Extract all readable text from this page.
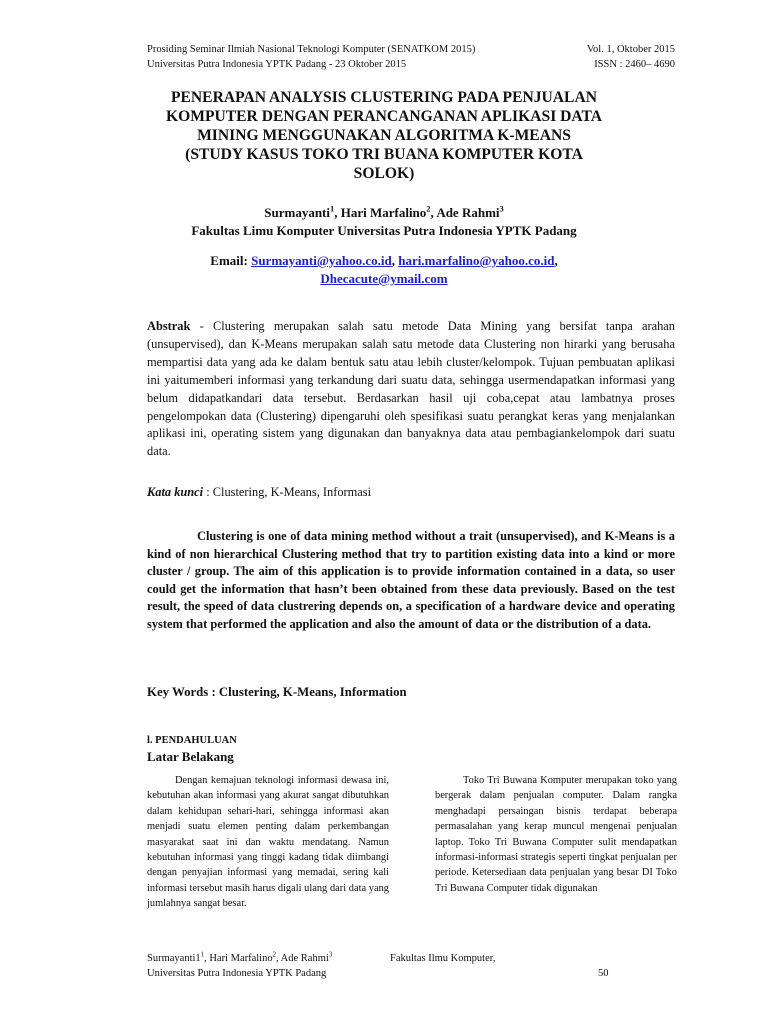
Prosiding Seminar Ilmiah Nasional Teknologi Komputer (SENATKOM 2015)
Universitas Putra Indonesia YPTK Padang - 23 Oktober 2015
Vol. 1, Oktober 2015
ISSN : 2460– 4690
PENERAPAN ANALYSIS CLUSTERING PADA PENJUALAN
KOMPUTER DENGAN PERANCANGANAN APLIKASI DATA
MINING MENGGUNAKAN ALGORITMA K-MEANS
(STUDY KASUS TOKO TRI BUANA KOMPUTER KOTA
SOLOK)
Surmayanti$^1$, Hari Marfalino$^2$, Ade Rahmi$^3$
Fakultas Limu Komputer Universitas Putra Indonesia YPTK Padang
Email: Surmayanti@yahoo.co.id, hari.marfalino@yahoo.co.id,
Dhecacute@ymail.com
Abstrak - Clustering merupakan salah satu metode Data Mining yang bersifat tanpa arahan (unsupervised), dan K-Means merupakan salah satu metode data Clustering non hirarki yang berusaha mempartisi data yang ada ke dalam bentuk satu atau lebih cluster/kelompok. Tujuan pembuatan aplikasi ini yaitumemberi informasi yang terkandung dari suatu data, sehingga usermendapatkan informasi yang belum didapatkandari data tersebut. Berdasarkan hasil uji coba,cepat atau lambatnya proses pengelompokan data (Clustering) dipengaruhi oleh spesifikasi suatu perangkat keras yang menjalankan aplikasi ini, operating sistem yang digunakan dan banyaknya data atau pembagiankelompok dari suatu data.
Kata kunci : Clustering, K-Means, Informasi
Clustering is one of data mining method without a trait (unsupervised), and K-Means is a kind of non hierarchical Clustering method that try to partition existing data into a kind or more cluster / group. The aim of this application is to provide information contained in a data, so user could get the information that hasn’t been obtained from these data previously. Based on the test result, the speed of data clustrering depends on, a specification of a hardware device and operating system that performed the application and also the amount of data or the distribution of a data.
Key Words : Clustering, K-Means, Information
l. PENDAHULUAN
Latar Belakang
Dengan kemajuan teknologi informasi dewasa ini, kebutuhan akan informasi yang akurat sangat dibutuhkan dalam kehidupan sehari-hari, sehingga informasi akan menjadi suatu elemen penting dalam perkembangan masyarakat saat ini dan waktu mendatang. Namun kebutuhan informasi yang tinggi kadang tidak diimbangi dengan penyajian informasi yang memadai, sering kali informasi tersebut masih harus digali ulang dari data yang jumlahnya sangat besar.
Toko Tri Buwana Komputer merupakan toko yang bergerak dalam penjualan computer. Dalam rangka menghadapi persaingan bisnis terdapat beberapa permasalahan yang kerap muncul mengenai penjualan laptop. Toko Tri Buwana Computer sulit mendapatkan informasi-informasi strategis seperti tingkat penjualan per periode. Ketersediaan data penjualan yang besar DI Toko Tri Buwana Computer tidak digunakan
$Surmayanti1^1$, Hari Marfalino$^2$, Ade Rahmi$^3$
Universitas Putra Indonesia YPTK Padang
Fakultas Ilmu Komputer,
50
